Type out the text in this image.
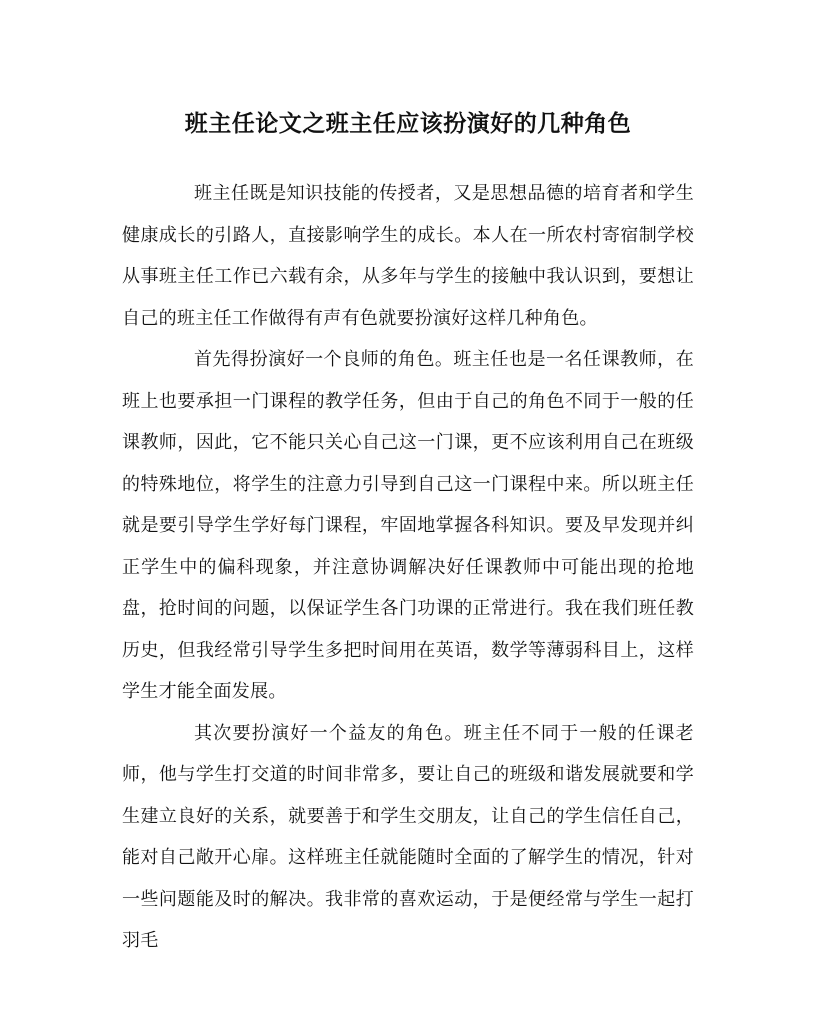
班主任论文之班主任应该扮演好的几种角色

班主任既是知识技能的传授者，又是思想品德的培育者和学生健康成长的引路人，直接影响学生的成长。本人在一所农村寄宿制学校从事班主任工作已六载有余，从多年与学生的接触中我认识到，要想让自己的班主任工作做得有声有色就要扮演好这样几种角色。

首先得扮演好一个良师的角色。班主任也是一名任课教师，在班上也要承担一门课程的教学任务，但由于自己的角色不同于一般的任课教师，因此，它不能只关心自己这一门课，更不应该利用自己在班级的特殊地位，将学生的注意力引导到自己这一门课程中来。所以班主任就是要引导学生学好每门课程，牢固地掌握各科知识。要及早发现并纠正学生中的偏科现象，并注意协调解决好任课教师中可能出现的抢地盘，抢时间的问题，以保证学生各门功课的正常进行。我在我们班任教历史，但我经常引导学生多把时间用在英语，数学等薄弱科目上，这样学生才能全面发展。

其次要扮演好一个益友的角色。班主任不同于一般的任课老师，他与学生打交道的时间非常多，要让自己的班级和谐发展就要和学生建立良好的关系，就要善于和学生交朋友，让自己的学生信任自己，能对自己敞开心扉。这样班主任就能随时全面的了解学生的情况，针对一些问题能及时的解决。我非常的喜欢运动，于是便经常与学生一起打羽毛
